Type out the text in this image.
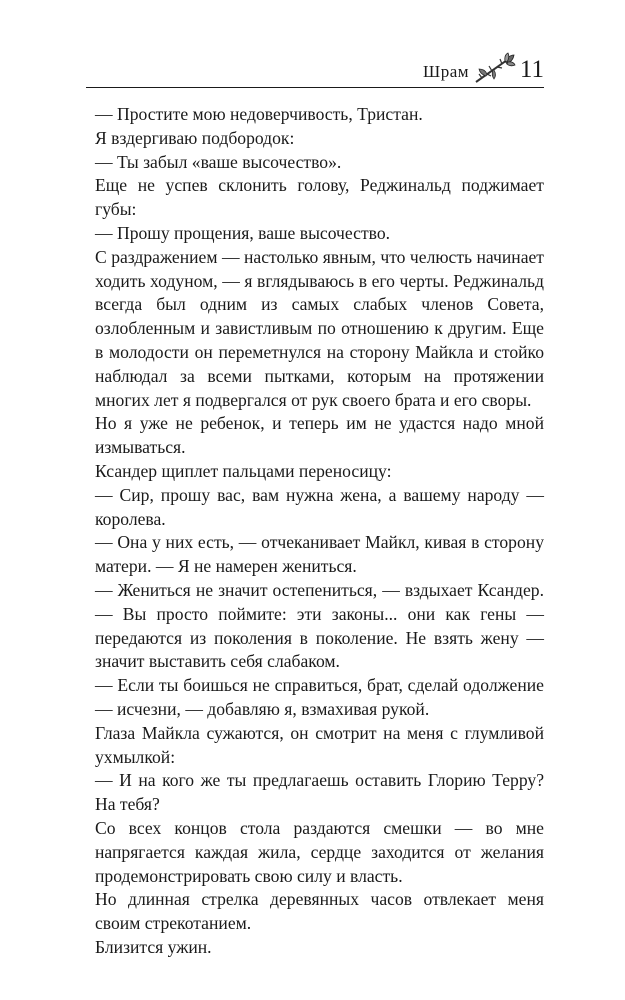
Шрам 11

— Простите мою недоверчивость, Тристан.

Я вздергиваю подбородок:

— Ты забыл «ваше высочество».

Еще не успев склонить голову, Реджинальд поджимает губы:

— Прошу прощения, ваше высочество.

С раздражением — настолько явным, что челюсть начинает ходить ходуном, — я вглядываюсь в его черты. Реджинальд всегда был одним из самых слабых членов Совета, озлобленным и завистливым по отношению к другим. Еще в молодости он переметнулся на сторону Майкла и стойко наблюдал за всеми пытками, которым на протяжении многих лет я подвергался от рук своего брата и его своры.

Но я уже не ребенок, и теперь им не удастся надо мной измываться.

Ксандер щиплет пальцами переносицу:

— Сир, прошу вас, вам нужна жена, а вашему народу — королева.

— Она у них есть, — отчеканивает Майкл, кивая в сторону матери. — Я не намерен жениться.

— Жениться не значит остепениться, — вздыхает Ксандер. — Вы просто поймите: эти законы... они как гены — передаются из поколения в поколение. Не взять жену — значит выставить себя слабаком.

— Если ты боишься не справиться, брат, сделай одолжение — исчезни, — добавляю я, взмахивая рукой.

Глаза Майкла сужаются, он смотрит на меня с глумливой ухмылкой:

— И на кого же ты предлагаешь оставить Глорию Терру? На тебя?

Со всех концов стола раздаются смешки — во мне напрягается каждая жила, сердце заходится от желания продемонстрировать свою силу и власть.

Но длинная стрелка деревянных часов отвлекает меня своим стрекотанием.

Близится ужин.
